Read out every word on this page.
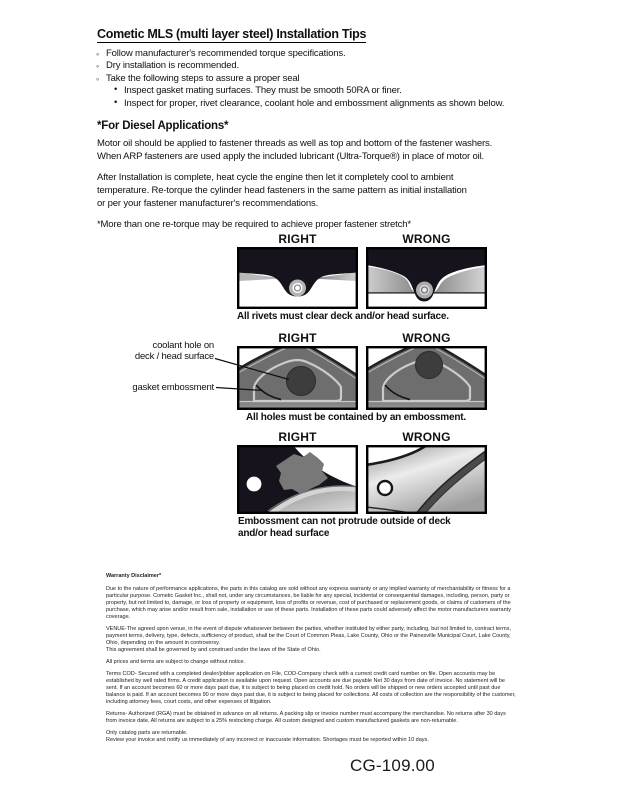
Cometic MLS (multi layer steel) Installation Tips
◦ Follow manufacturer's recommended torque specifications.
◦ Dry installation is recommended.
◦ Take the following steps to assure a proper seal
• Inspect gasket mating surfaces. They must be smooth 50RA or finer.
• Inspect for proper, rivet clearance, coolant hole and embossment alignments as shown below.
*For Diesel Applications*
Motor oil should be applied to fastener threads as well as top and bottom of the fastener washers.
When ARP fasteners are used apply the included lubricant (Ultra-Torque®) in place of motor oil.
After Installation is complete, heat cycle the engine then let it completely cool to ambient
temperature. Re-torque the cylinder head fasteners in the same pattern as initial installation
or per your fastener manufacturer's recommendations.
*More than one re-torque may be required to achieve proper fastener stretch*
RIGHT	WRONG
All rivets must clear deck and/or head surface.
RIGHT	WRONG
coolant hole on
deck / head surface
gasket embossment
All holes must be contained by an embossment.
RIGHT	WRONG
Embossment can not protrude outside of deck
and/or head surface
Warranty Disclaimer*

Due to the nature of performance applications, the parts in this catalog are sold without any express warranty or any implied warranty of merchantability or fitness for a particular purpose. Cometic Gasket Inc., shall not, under any circumstances, be liable for any special, incidental or consequential damages, including, person, party or property, but not limited to, damage, or loss of property or equipment, loss of profits or revenue, cost of purchased or replacement goods, or claims of customers of the purchase, which may arise and/or result from sale, installation or use of these parts. Installation of these parts could adversely affect the motor manufacturers warranty coverage.

VENUE-The agreed upon venue, in the event of dispute whatsoever between the parties, whether instituted by either party, including, but not limited to, contract terms, payment terms, delivery, type, defects, sufficiency of product, shall be the Court of Common Pleas, Lake County, Ohio or the Painesville Municipal Court, Lake County, Ohio, depending on the amount in controversy.
This agreement shall be governed by and construed under the laws of the State of Ohio.

All prices and terms are subject to change without notice.

Terms COD- Secured with a completed dealer/jobber application on File, COD-Company check with a current credit card number on file. Open accounts may be established by well rated firms. A credit application is available upon request. Open accounts are due payable Net 30 days from date of invoice. No statement will be sent. If an account becomes 60 or more days past due, it is subject to being placed on credit hold. No orders will be shipped or new orders accepted until past due balance is paid. If an account becomes 90 or more days past due, it is subject to being placed for collections. All costs of collection are the responsibility of the customer, including attorney fees, court costs, and other expenses of litigation.

Returns- Authorized (RGA) must be obtained in advance on all returns. A packing slip or invoice number must accompany the merchandise. No returns after 30 days from invoice date. All returns are subject to a 25% restocking charge. All custom designed and custom manufactured gaskets are non-returnable.

Only catalog parts are returnable.
Review your invoice and notify us immediately of any incorrect or inaccurate information. Shortages must be reported within 10 days.

CG-109.00
